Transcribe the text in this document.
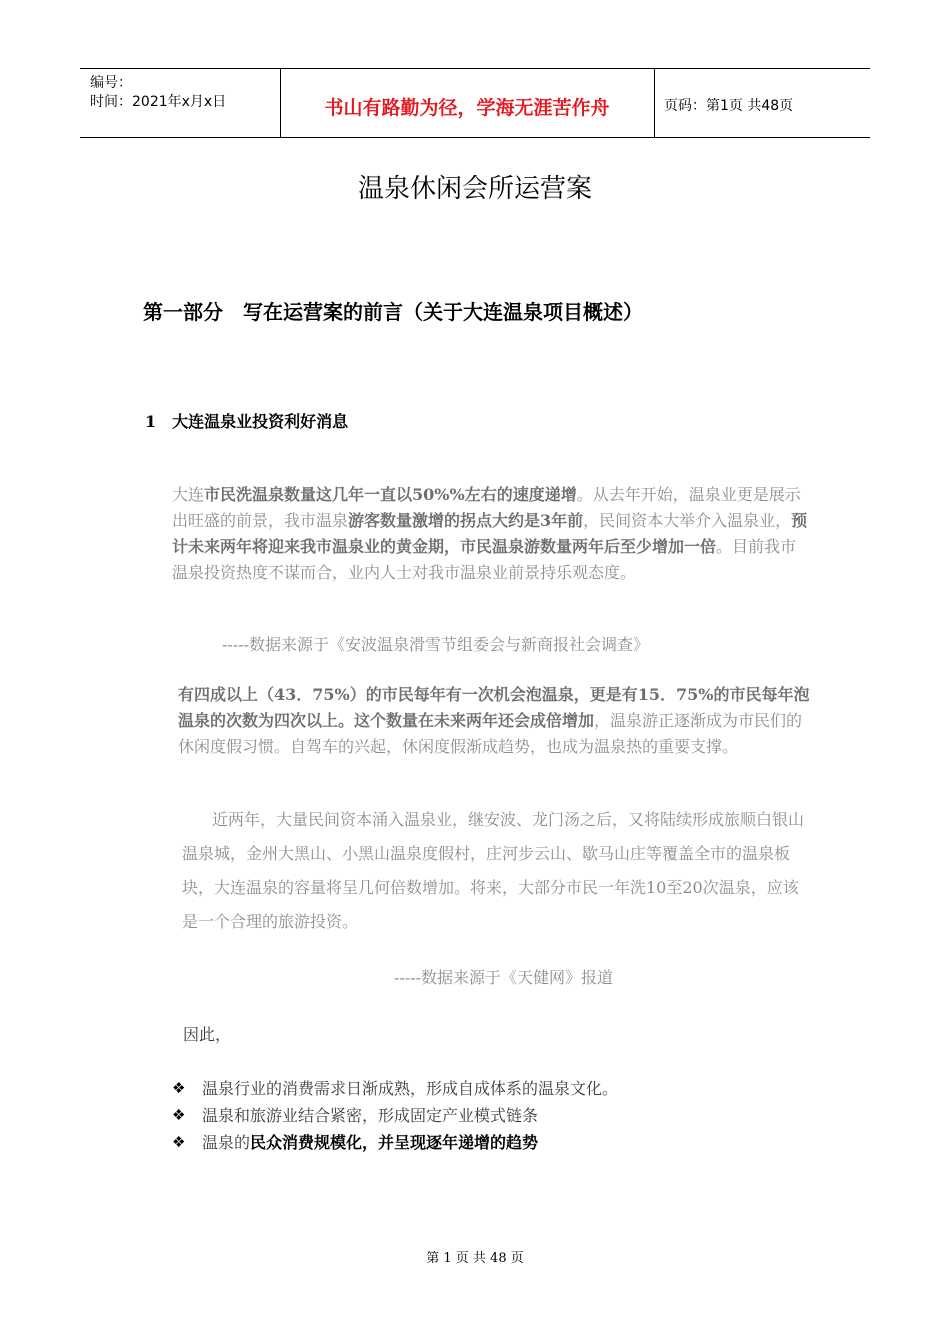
编号：
时间：2021年x月x日	书山有路勤为径，学海无涯苦作舟	页码：第1页 共48页
温泉休闲会所运营案
第一部分　写在运营案的前言（关于大连温泉项目概述）
1　大连温泉业投资利好消息
大连市民洗温泉数量这几年一直以50%%左右的速度递增。从去年开始，温泉业更是展示出旺盛的前景，我市温泉游客数量激增的拐点大约是3年前，民间资本大举介入温泉业，预计未来两年将迎来我市温泉业的黄金期，市民温泉游数量两年后至少增加一倍。目前我市温泉投资热度不谋而合，业内人士对我市温泉业前景持乐观态度。
-----数据来源于《安波温泉滑雪节组委会与新商报社会调查》
有四成以上（43．75%）的市民每年有一次机会泡温泉，更是有15．75%的市民每年泡温泉的次数为四次以上。这个数量在未来两年还会成倍增加，温泉游正逐渐成为市民们的休闲度假习惯。自驾车的兴起，休闲度假渐成趋势，也成为温泉热的重要支撑。
近两年，大量民间资本涌入温泉业，继安波、龙门汤之后，又将陆续形成旅顺白银山温泉城，金州大黑山、小黑山温泉度假村，庄河步云山、歇马山庄等覆盖全市的温泉板块，大连温泉的容量将呈几何倍数增加。将来，大部分市民一年洗10至20次温泉，应该是一个合理的旅游投资。
-----数据来源于《天健网》报道
因此，
❖ 温泉行业的消费需求日渐成熟，形成自成体系的温泉文化。
❖ 温泉和旅游业结合紧密，形成固定产业模式链条
❖ 温泉的民众消费规模化，并呈现逐年递增的趋势
第 1 页 共 48 页
